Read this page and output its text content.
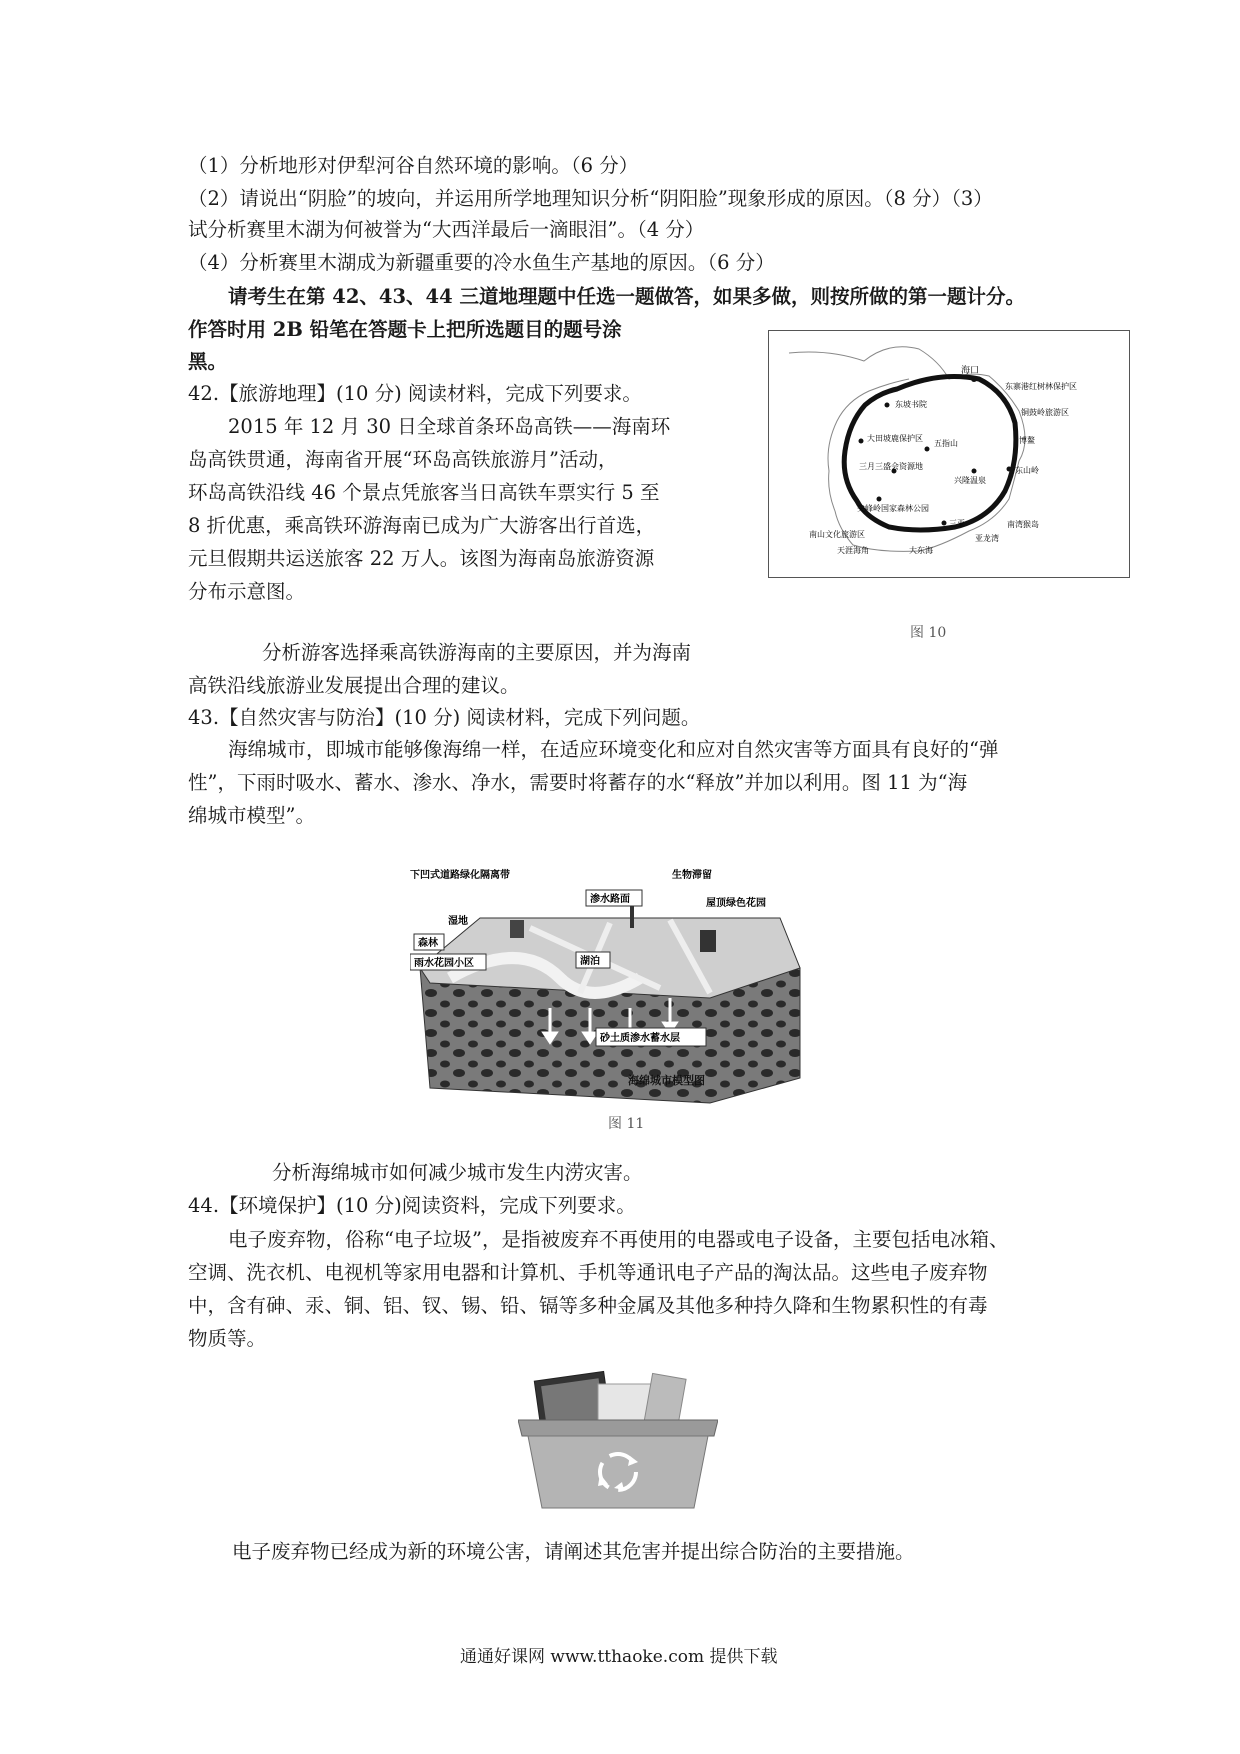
（1）分析地形对伊犁河谷自然环境的影响。（6 分）
（2）请说出“阴脸”的坡向，并运用所学地理知识分析“阴阳脸”现象形成的原因。（8 分）（3）
试分析赛里木湖为何被誉为“大西洋最后一滴眼泪”。（4 分）
（4）分析赛里木湖成为新疆重要的冷水鱼生产基地的原因。（6 分）
请考生在第 42、43、44 三道地理题中任选一题做答，如果多做，则按所做的第一题计分。
作答时用 2B 铅笔在答题卡上把所选题目的题号涂
黑。
42.【旅游地理】(10 分) 阅读材料，完成下列要求。
2015 年 12 月 30 日全球首条环岛高铁——海南环
岛高铁贯通，海南省开展“环岛高铁旅游月”活动，
环岛高铁沿线 46 个景点凭旅客当日高铁车票实行 5 至
8 折优惠，乘高铁环游海南已成为广大游客出行首选，
元旦假期共运送旅客 22 万人。该图为海南岛旅游资源
分布示意图。
海口
东寨港红树林保护区
东坡书院
铜鼓岭旅游区
大田坡鹿保护区
五指山	博鳌
三月三盛会资源地
兴隆温泉
东山岭
尖峰岭国家森林公园
三亚	南湾猴岛
南山文化旅游区	亚龙湾
天涯海角	大东海
图 10
分析游客选择乘高铁游海南的主要原因，并为海南
高铁沿线旅游业发展提出合理的建议。
43.【自然灾害与防治】(10 分) 阅读材料，完成下列问题。
海绵城市，即城市能够像海绵一样，在适应环境变化和应对自然灾害等方面具有良好的“弹
性”，下雨时吸水、蓄水、渗水、净水，需要时将蓄存的水“释放”并加以利用。图 11 为“海
绵城市模型”。
下凹式道路绿化隔离带	生物滞留
渗水路面	屋顶绿色花园
森林
湿地
雨水花园小区	湖泊
砂土质渗水蓄水层
海绵城市模型图
图 11
分析海绵城市如何减少城市发生内涝灾害。
44.【环境保护】(10 分)阅读资料，完成下列要求。
电子废弃物，俗称“电子垃圾”，是指被废弃不再使用的电器或电子设备，主要包括电冰箱、
空调、洗衣机、电视机等家用电器和计算机、手机等通讯电子产品的淘汰品。这些电子废弃物
中，含有砷、汞、铜、铝、钗、锡、铅、镉等多种金属及其他多种持久降和生物累积性的有毒
物质等。
电子废弃物已经成为新的环境公害，请阐述其危害并提出综合防治的主要措施。
通通好课网 www.tthaoke.com 提供下载
